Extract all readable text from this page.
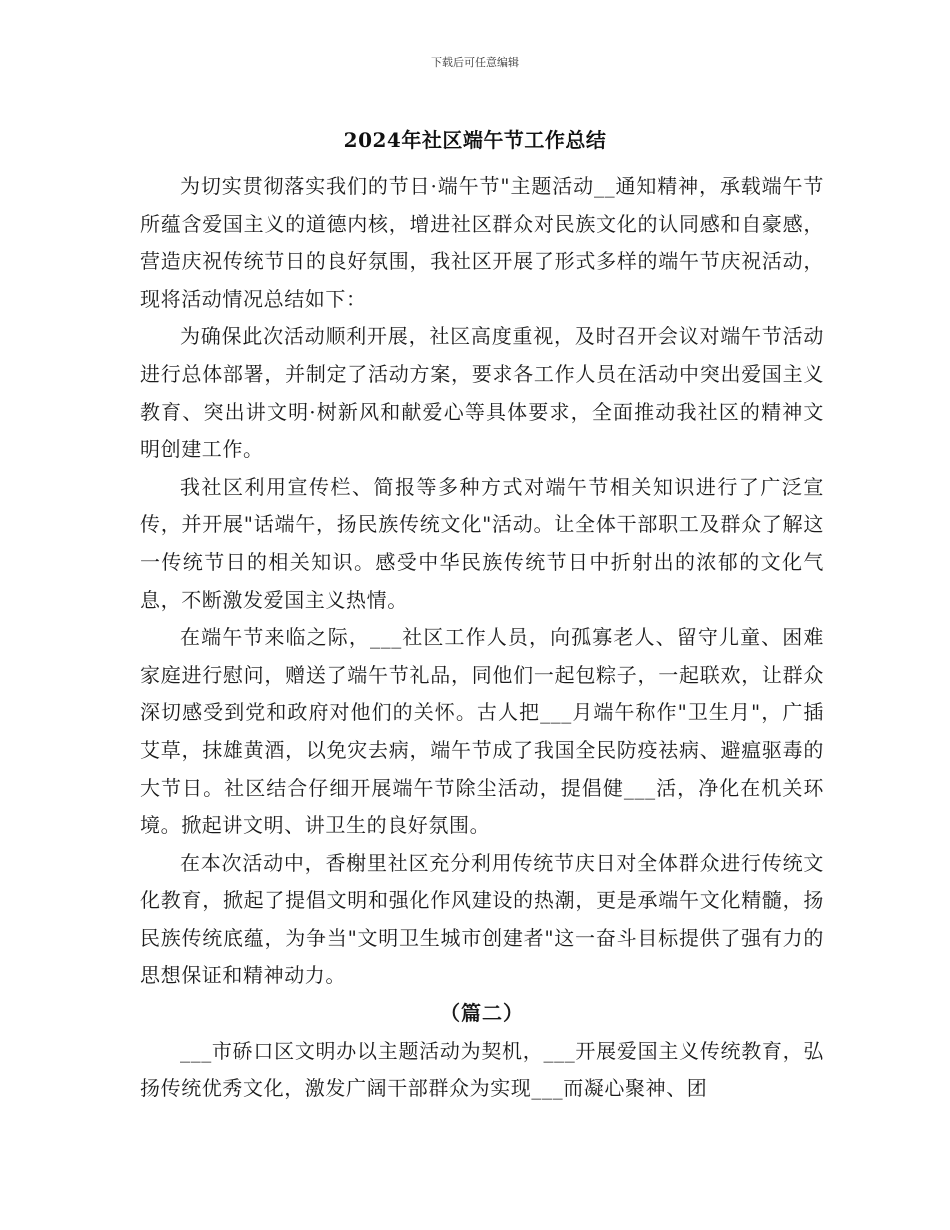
下载后可任意编辑
2024年社区端午节工作总结

为切实贯彻落实我们的节日·端午节"主题活动__通知精神，承载端午节所蕴含爱国主义的道德内核，增进社区群众对民族文化的认同感和自豪感，营造庆祝传统节日的良好氛围，我社区开展了形式多样的端午节庆祝活动，现将活动情况总结如下：

为确保此次活动顺利开展，社区高度重视，及时召开会议对端午节活动进行总体部署，并制定了活动方案，要求各工作人员在活动中突出爱国主义教育、突出讲文明·树新风和献爱心等具体要求，全面推动我社区的精神文明创建工作。

我社区利用宣传栏、简报等多种方式对端午节相关知识进行了广泛宣传，并开展"话端午，扬民族传统文化"活动。让全体干部职工及群众了解这一传统节日的相关知识。感受中华民族传统节日中折射出的浓郁的文化气息，不断激发爱国主义热情。

在端午节来临之际，___社区工作人员，向孤寡老人、留守儿童、困难家庭进行慰问，赠送了端午节礼品，同他们一起包粽子，一起联欢，让群众深切感受到党和政府对他们的关怀。古人把___月端午称作"卫生月"，广插艾草，抹雄黄酒，以免灾去病，端午节成了我国全民防疫祛病、避瘟驱毒的大节日。社区结合仔细开展端午节除尘活动，提倡健___活，净化在机关环境。掀起讲文明、讲卫生的良好氛围。

在本次活动中，香榭里社区充分利用传统节庆日对全体群众进行传统文化教育，掀起了提倡文明和强化作风建设的热潮，更是承端午文化精髓，扬民族传统底蕴，为争当"文明卫生城市创建者"这一奋斗目标提供了强有力的思想保证和精神动力。

（篇二）

___市硚口区文明办以主题活动为契机，___开展爱国主义传统教育，弘扬传统优秀文化，激发广阔干部群众为实现___而凝心聚神、团
